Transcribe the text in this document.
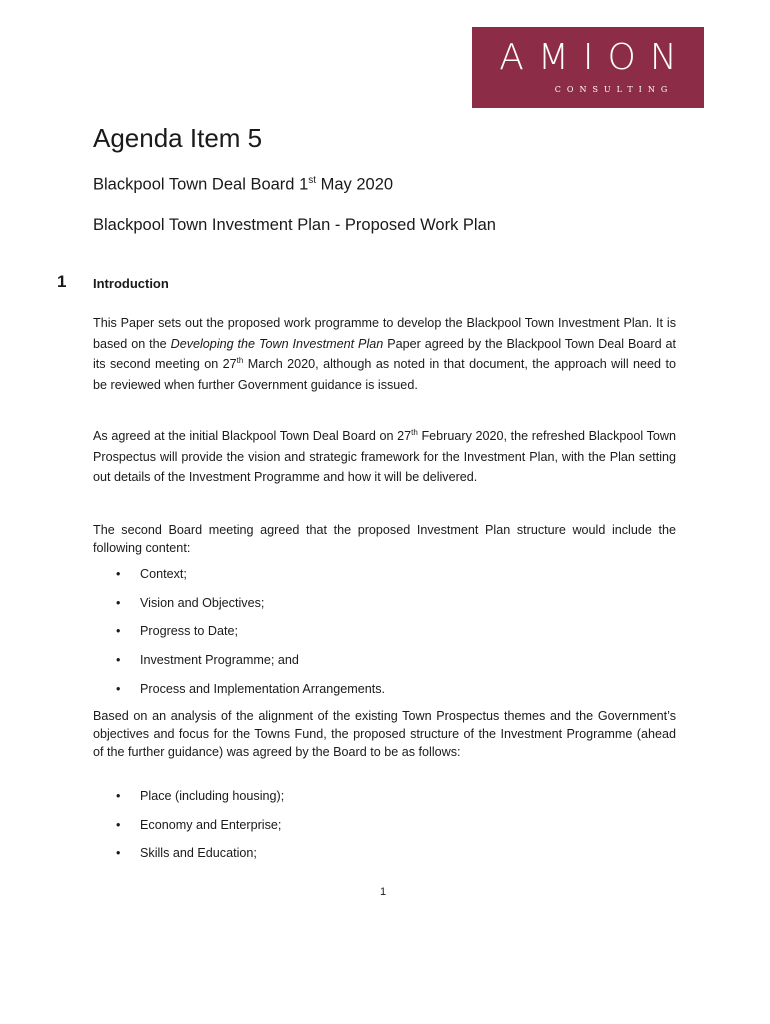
AMION
CONSULTING
Agenda Item 5

Blackpool Town Deal Board 1st May 2020

Blackpool Town Investment Plan - Proposed Work Plan

1 Introduction

This Paper sets out the proposed work programme to develop the Blackpool Town Investment Plan. It is based on the Developing the Town Investment Plan Paper agreed by the Blackpool Town Deal Board at its second meeting on 27th March 2020, although as noted in that document, the approach will need to be reviewed when further Government guidance is issued.

As agreed at the initial Blackpool Town Deal Board on 27th February 2020, the refreshed Blackpool Town Prospectus will provide the vision and strategic framework for the Investment Plan, with the Plan setting out details of the Investment Programme and how it will be delivered.

The second Board meeting agreed that the proposed Investment Plan structure would include the following content:

• Context;
• Vision and Objectives;
• Progress to Date;
• Investment Programme; and
• Process and Implementation Arrangements.

Based on an analysis of the alignment of the existing Town Prospectus themes and the Government’s objectives and focus for the Towns Fund, the proposed structure of the Investment Programme (ahead of the further guidance) was agreed by the Board to be as follows:

• Place (including housing);
• Economy and Enterprise;
• Skills and Education;
1
